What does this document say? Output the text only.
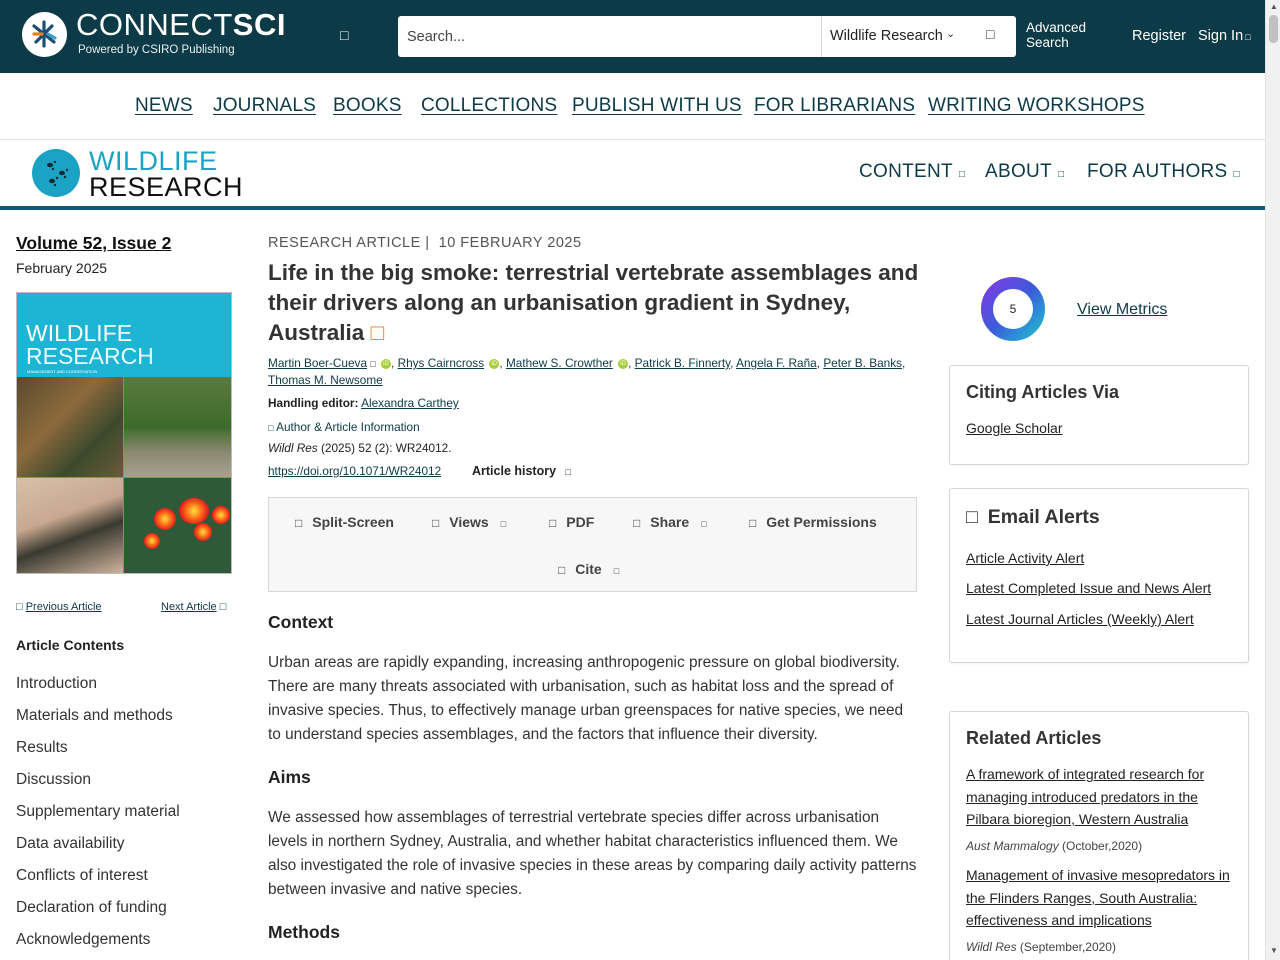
CONNECTSCI
Powered by CSIRO Publishing
□
Search...	Wildlife Research ⌄ □ Advanced Search	Register Sign In □
NEWS JOURNALS BOOKS COLLECTIONS PUBLISH WITH US FOR LIBRARIANS WRITING WORKSHOPS
WILDLIFE
RESEARCH
CONTENT □ ABOUT □ FOR AUTHORS □
Volume 52, Issue 2
February 2025
WILDLIFE
RESEARCH
MANAGEMENT AND CONSERVATION
□ Previous Article	Next Article □
Article Contents
Introduction
Materials and methods
Results
Discussion
Supplementary material
Data availability
Conflicts of interest
Declaration of funding
Acknowledgements
RESEARCH ARTICLE |  10 FEBRUARY 2025
Life in the big smoke: terrestrial vertebrate assemblages and their drivers along an urbanisation gradient in Sydney, Australia □
Martin Boer-Cueva □ iD , Rhys Cairncross iD , Mathew S. Crowther iD , Patrick B. Finnerty, Angela F. Raña, Peter B. Banks,
Thomas M. Newsome
Handling editor: Alexandra Carthey
□ Author & Article Information
Wildl Res (2025) 52 (2): WR24012.
https://doi.org/10.1071/WR24012 Article history □
□ Split-Screen	□ Views □	□ PDF	□ Share □	□ Get Permissions
□ Cite □
Context

Urban areas are rapidly expanding, increasing anthropogenic pressure on global biodiversity. There are many threats associated with urbanisation, such as habitat loss and the spread of invasive species. Thus, to effectively manage urban greenspaces for native species, we need to understand species assemblages, and the factors that influence their diversity.

Aims

We assessed how assemblages of terrestrial vertebrate species differ across urbanisation levels in northern Sydney, Australia, and whether habitat characteristics influenced them. We also investigated the role of invasive species in these areas by comparing daily activity patterns between invasive and native species.

Methods
5	View Metrics
Citing Articles Via
Google Scholar
□ Email Alerts
Article Activity Alert
Latest Completed Issue and News Alert
Latest Journal Articles (Weekly) Alert
Related Articles
A framework of integrated research for managing introduced predators in the Pilbara bioregion, Western Australia
Aust Mammalogy (October,2020)
Management of invasive mesopredators in the Flinders Ranges, South Australia: effectiveness and implications
Wildl Res (September,2020)
▲
▼
